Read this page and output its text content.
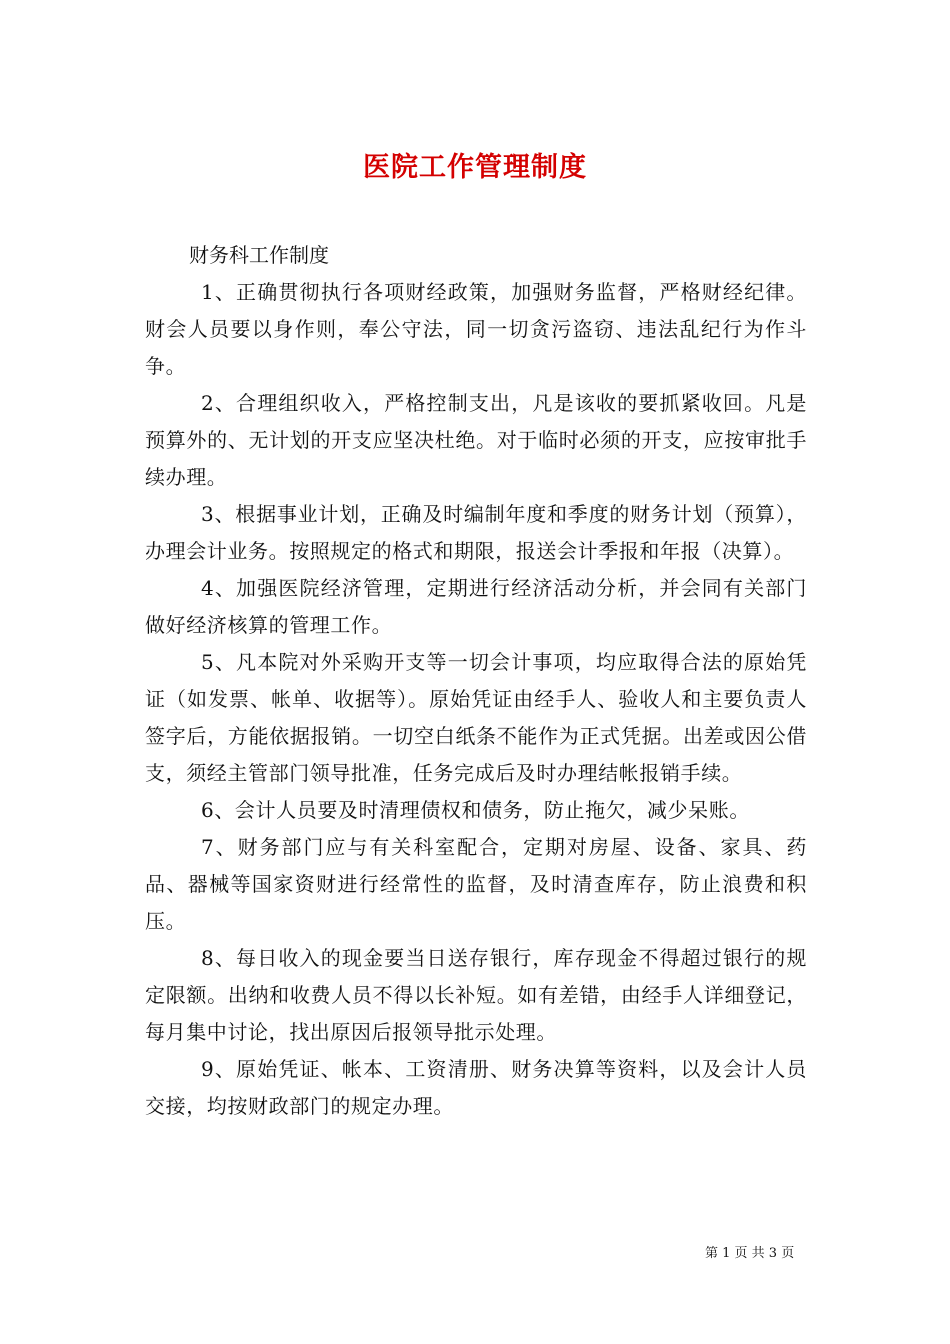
医院工作管理制度

财务科工作制度

1、正确贯彻执行各项财经政策，加强财务监督，严格财经纪律。财会人员要以身作则，奉公守法，同一切贪污盗窃、违法乱纪行为作斗争。

2、合理组织收入，严格控制支出，凡是该收的要抓紧收回。凡是预算外的、无计划的开支应坚决杜绝。对于临时必须的开支，应按审批手续办理。

3、根据事业计划，正确及时编制年度和季度的财务计划（预算），办理会计业务。按照规定的格式和期限，报送会计季报和年报（决算）。

4、加强医院经济管理，定期进行经济活动分析，并会同有关部门做好经济核算的管理工作。

5、凡本院对外采购开支等一切会计事项，均应取得合法的原始凭证（如发票、帐单、收据等）。原始凭证由经手人、验收人和主要负责人签字后，方能依据报销。一切空白纸条不能作为正式凭据。出差或因公借支，须经主管部门领导批准，任务完成后及时办理结帐报销手续。

6、会计人员要及时清理债权和债务，防止拖欠，减少呆账。

7、财务部门应与有关科室配合，定期对房屋、设备、家具、药品、器械等国家资财进行经常性的监督，及时清查库存，防止浪费和积压。

8、每日收入的现金要当日送存银行，库存现金不得超过银行的规定限额。出纳和收费人员不得以长补短。如有差错，由经手人详细登记，每月集中讨论，找出原因后报领导批示处理。

9、原始凭证、帐本、工资清册、财务决算等资料，以及会计人员交接，均按财政部门的规定办理。

第 1 页 共 3 页
